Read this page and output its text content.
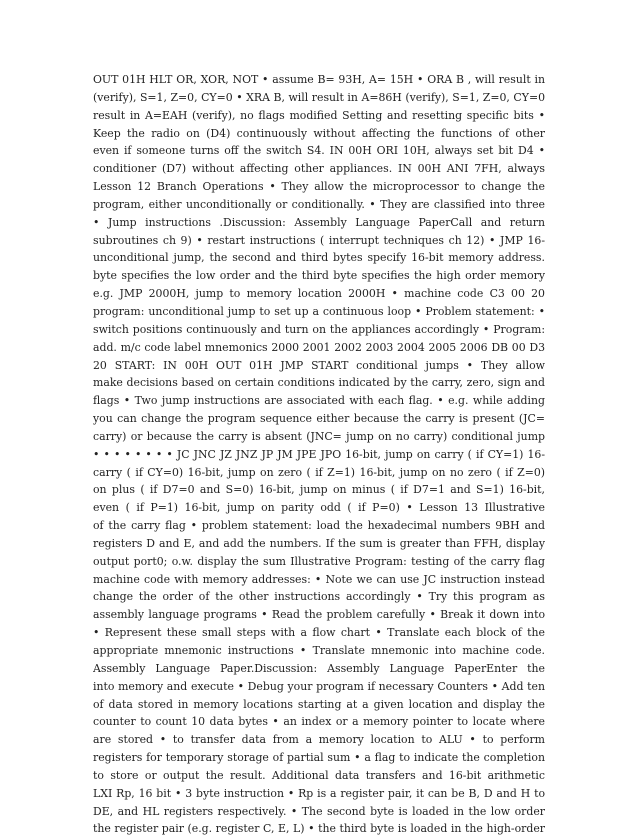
OUT 01H HLT OR, XOR, NOT • assume B= 93H, A= 15H • ORA B , will result in
(verify), S=1, Z=0, CY=0 • XRA B, will result in A=86H (verify), S=1, Z=0, CY=0
result in A=EAH (verify), no flags modified Setting and resetting specific bits •
Keep the radio on (D4) continuously without affecting the functions of other
even if someone turns off the switch S4. IN 00H ORI 10H, always set bit D4 •
conditioner (D7) without affecting other appliances. IN 00H ANI 7FH, always
Lesson 12 Branch Operations • They allow the microprocessor to change the
program, either unconditionally or conditionally. • They are classified into three
• Jump instructions .Discussion: Assembly Language PaperCall and return
subroutines ch 9) • restart instructions ( interrupt techniques ch 12) • JMP 16-
unconditional jump, the second and third bytes specify 16-bit memory address.
byte specifies the low order and the third byte specifies the high order memory
e.g. JMP 2000H, jump to memory location 2000H • machine code C3 00 20
program: unconditional jump to set up a continuous loop • Problem statement: •
switch positions continuously and turn on the appliances accordingly • Program:
add. m/c code label mnemonics 2000 2001 2002 2003 2004 2005 2006 DB 00 D3
20 START: IN 00H OUT 01H JMP START conditional jumps • They allow
make decisions based on certain conditions indicated by the carry, zero, sign and
flags • Two jump instructions are associated with each flag. • e.g. while adding
you can change the program sequence either because the carry is present (JC=
carry) or because the carry is absent (JNC= jump on no carry) conditional jump
• • • • • • • • JC JNC JZ JNZ JP JM JPE JPO 16-bit, jump on carry ( if CY=1) 16-
carry ( if CY=0) 16-bit, jump on zero ( if Z=1) 16-bit, jump on no zero ( if Z=0)
on plus ( if D7=0 and S=0) 16-bit, jump on minus ( if D7=1 and S=1) 16-bit,
even ( if P=1) 16-bit, jump on parity odd ( if P=0) • Lesson 13 Illustrative
of the carry flag • problem statement: load the hexadecimal numbers 9BH and
registers D and E, and add the numbers. If the sum is greater than FFH, display
output port0; o.w. display the sum Illustrative Program: testing of the carry flag
machine code with memory addresses: • Note we can use JC instruction instead
change the order of the other instructions accordingly • Try this program as
assembly language programs • Read the problem carefully • Break it down into
• Represent these small steps with a flow chart • Translate each block of the
appropriate mnemonic instructions • Translate mnemonic into machine code.
Assembly Language Paper.Discussion: Assembly Language PaperEnter the
into memory and execute • Debug your program if necessary Counters • Add ten
of data stored in memory locations starting at a given location and display the
counter to count 10 data bytes • an index or a memory pointer to locate where
are stored • to transfer data from a memory location to ALU • to perform
registers for temporary storage of partial sum • a flag to indicate the completion
to store or output the result. Additional data transfers and 16-bit arithmetic
LXI Rp, 16 bit • 3 byte instruction • Rp is a register pair, it can be B, D and H to
DE, and HL registers respectively. • The second byte is loaded in the low order
the register pair (e.g. register C, E, L) • the third byte is loaded in the high-order
